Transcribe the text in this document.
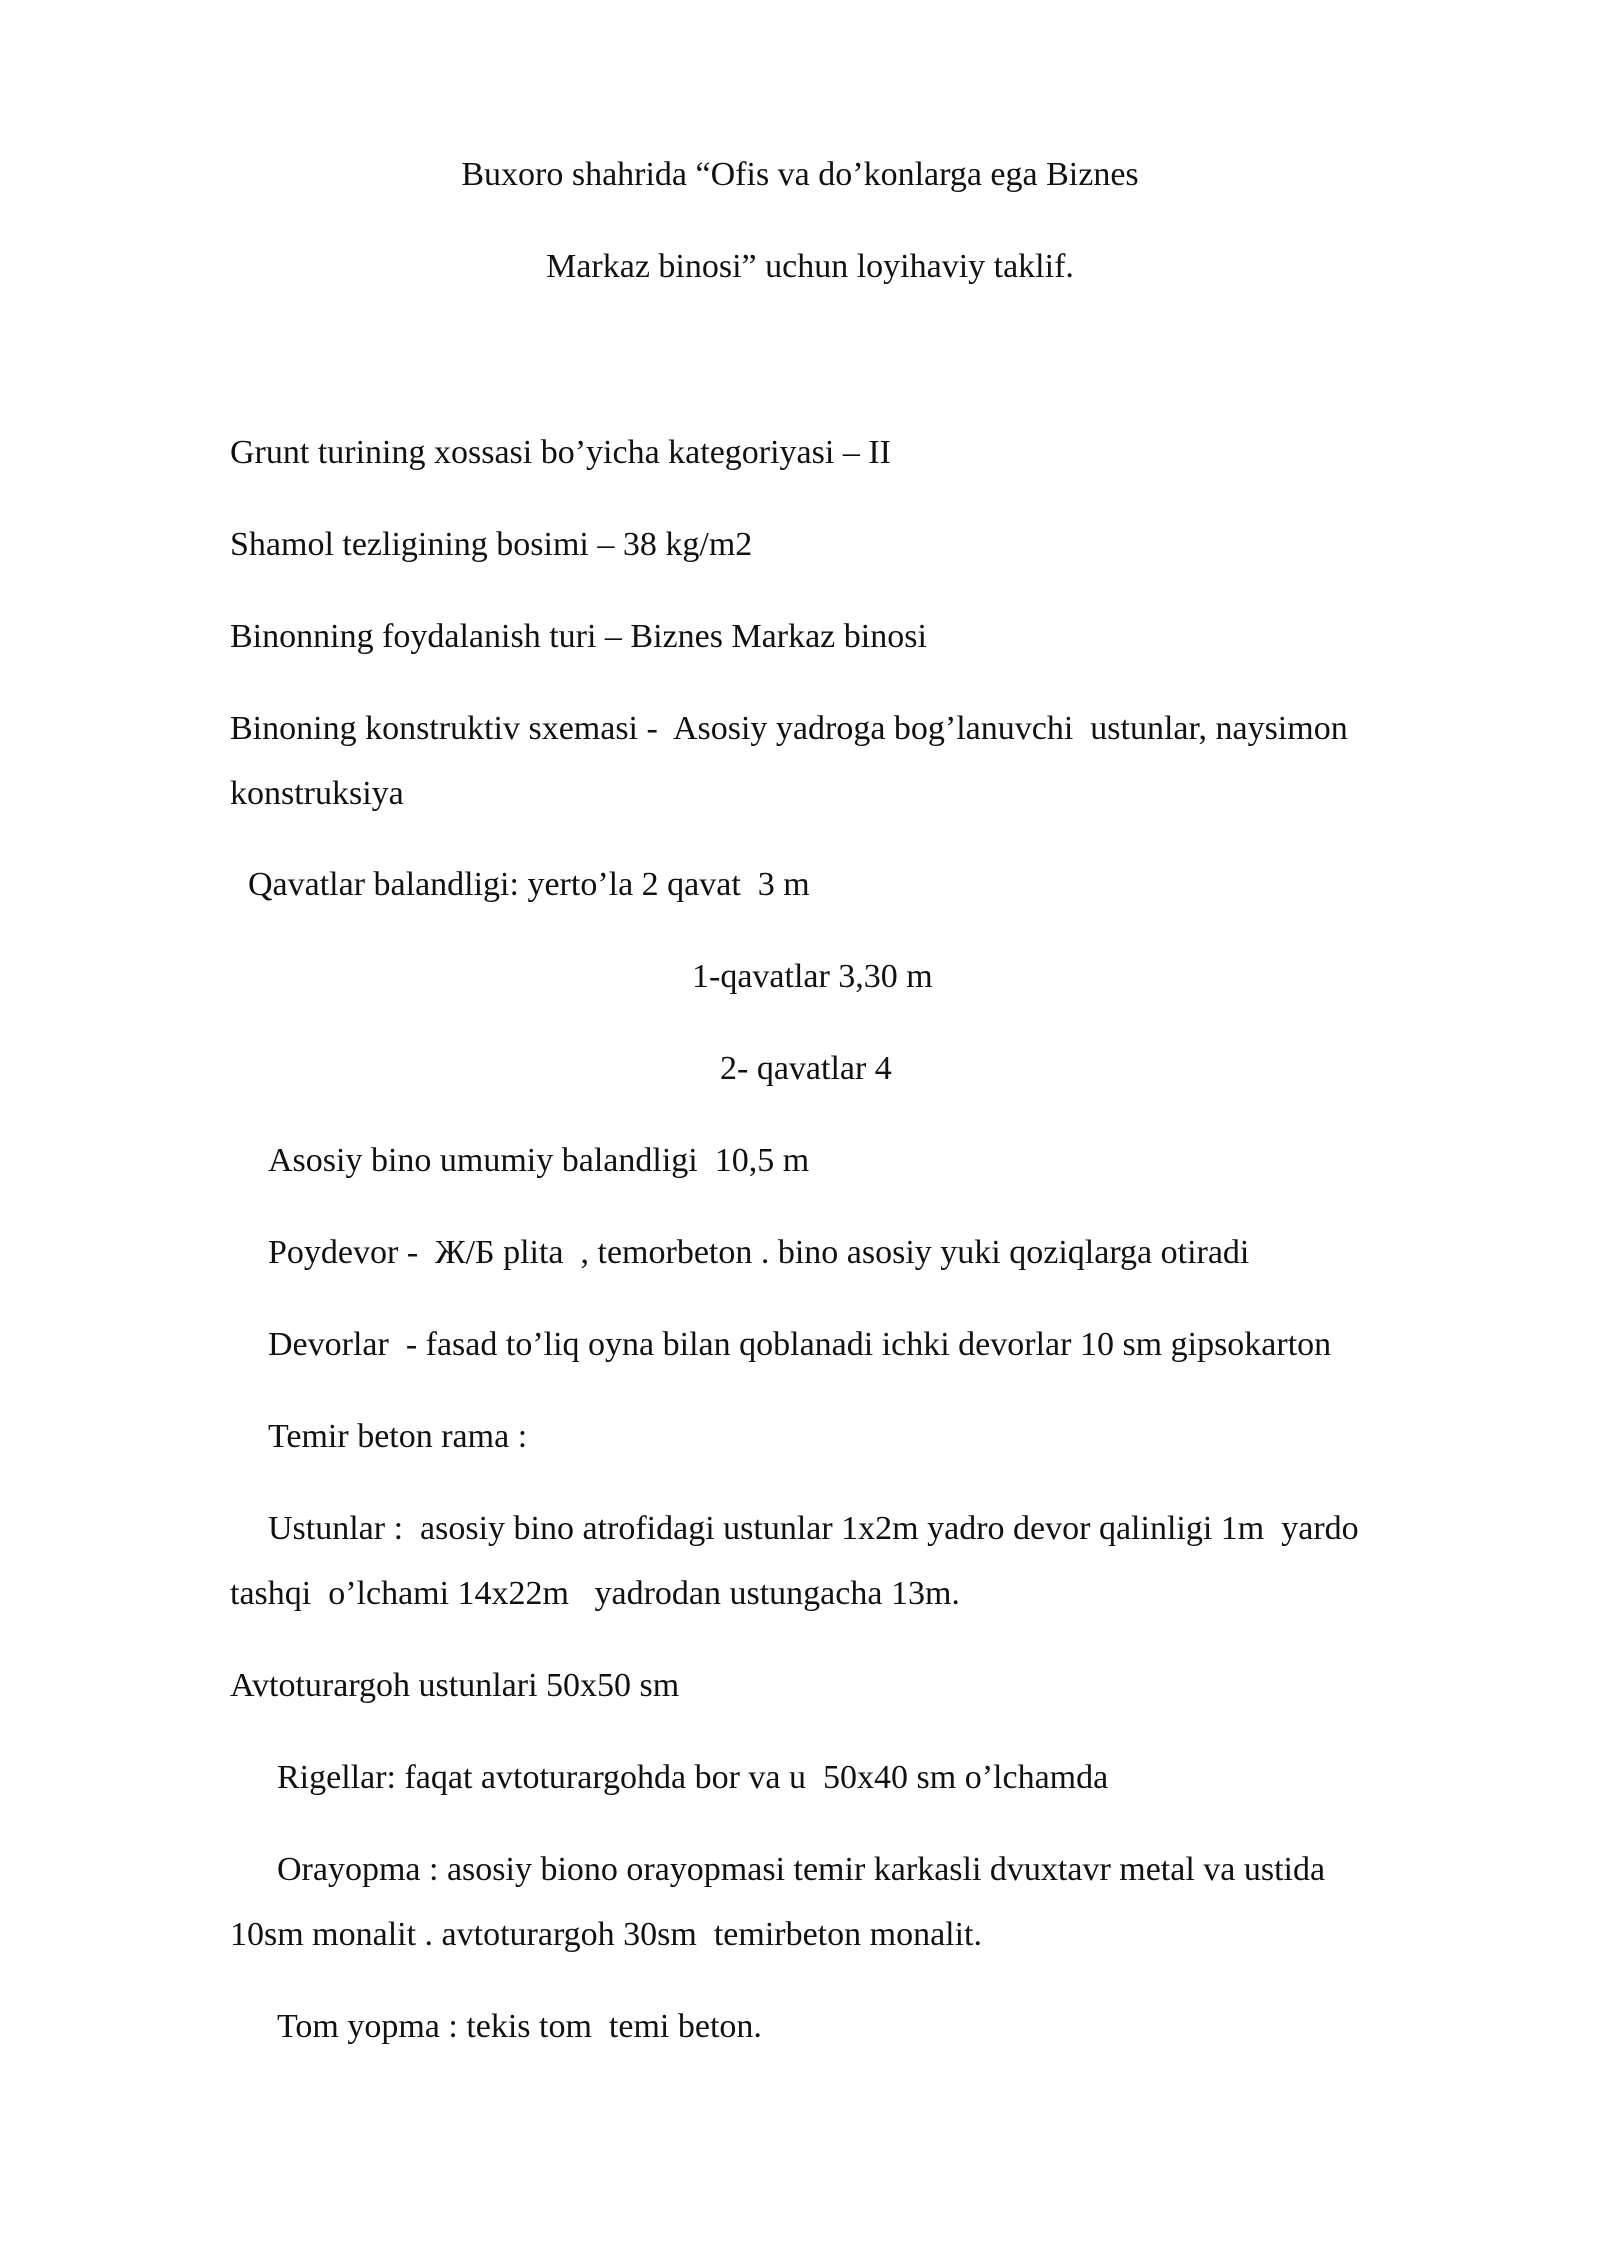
Buxoro shahrida “Ofis va do’konlarga ega Biznes
Markaz binosi” uchun loyihaviy taklif.
Grunt turining xossasi bo’yicha kategoriyasi – II
Shamol tezligining bosimi – 38 kg/m2
Binonning foydalanish turi – Biznes Markaz binosi
Binoning konstruktiv sxemasi -  Asosiy yadroga bog’lanuvchi  ustunlar, naysimon
konstruksiya
Qavatlar balandligi: yerto’la 2 qavat  3 m
1-qavatlar 3,30 m
2- qavatlar 4
Asosiy bino umumiy balandligi  10,5 m
Poydevor -  Ж/Б plita  , temorbeton . bino asosiy yuki qoziqlarga otiradi
Devorlar  - fasad to’liq oyna bilan qoblanadi ichki devorlar 10 sm gipsokarton
Temir beton rama :
Ustunlar :  asosiy bino atrofidagi ustunlar 1x2m yadro devor qalinligi 1m  yardo
tashqi  o’lchami 14x22m   yadrodan ustungacha 13m.
Avtoturargoh ustunlari 50x50 sm
Rigellar: faqat avtoturargohda bor va u  50x40 sm o’lchamda
Orayopma : asosiy biono orayopmasi temir karkasli dvuxtavr metal va ustida
10sm monalit . avtoturargoh 30sm  temirbeton monalit.
Tom yopma : tekis tom  temi beton.
